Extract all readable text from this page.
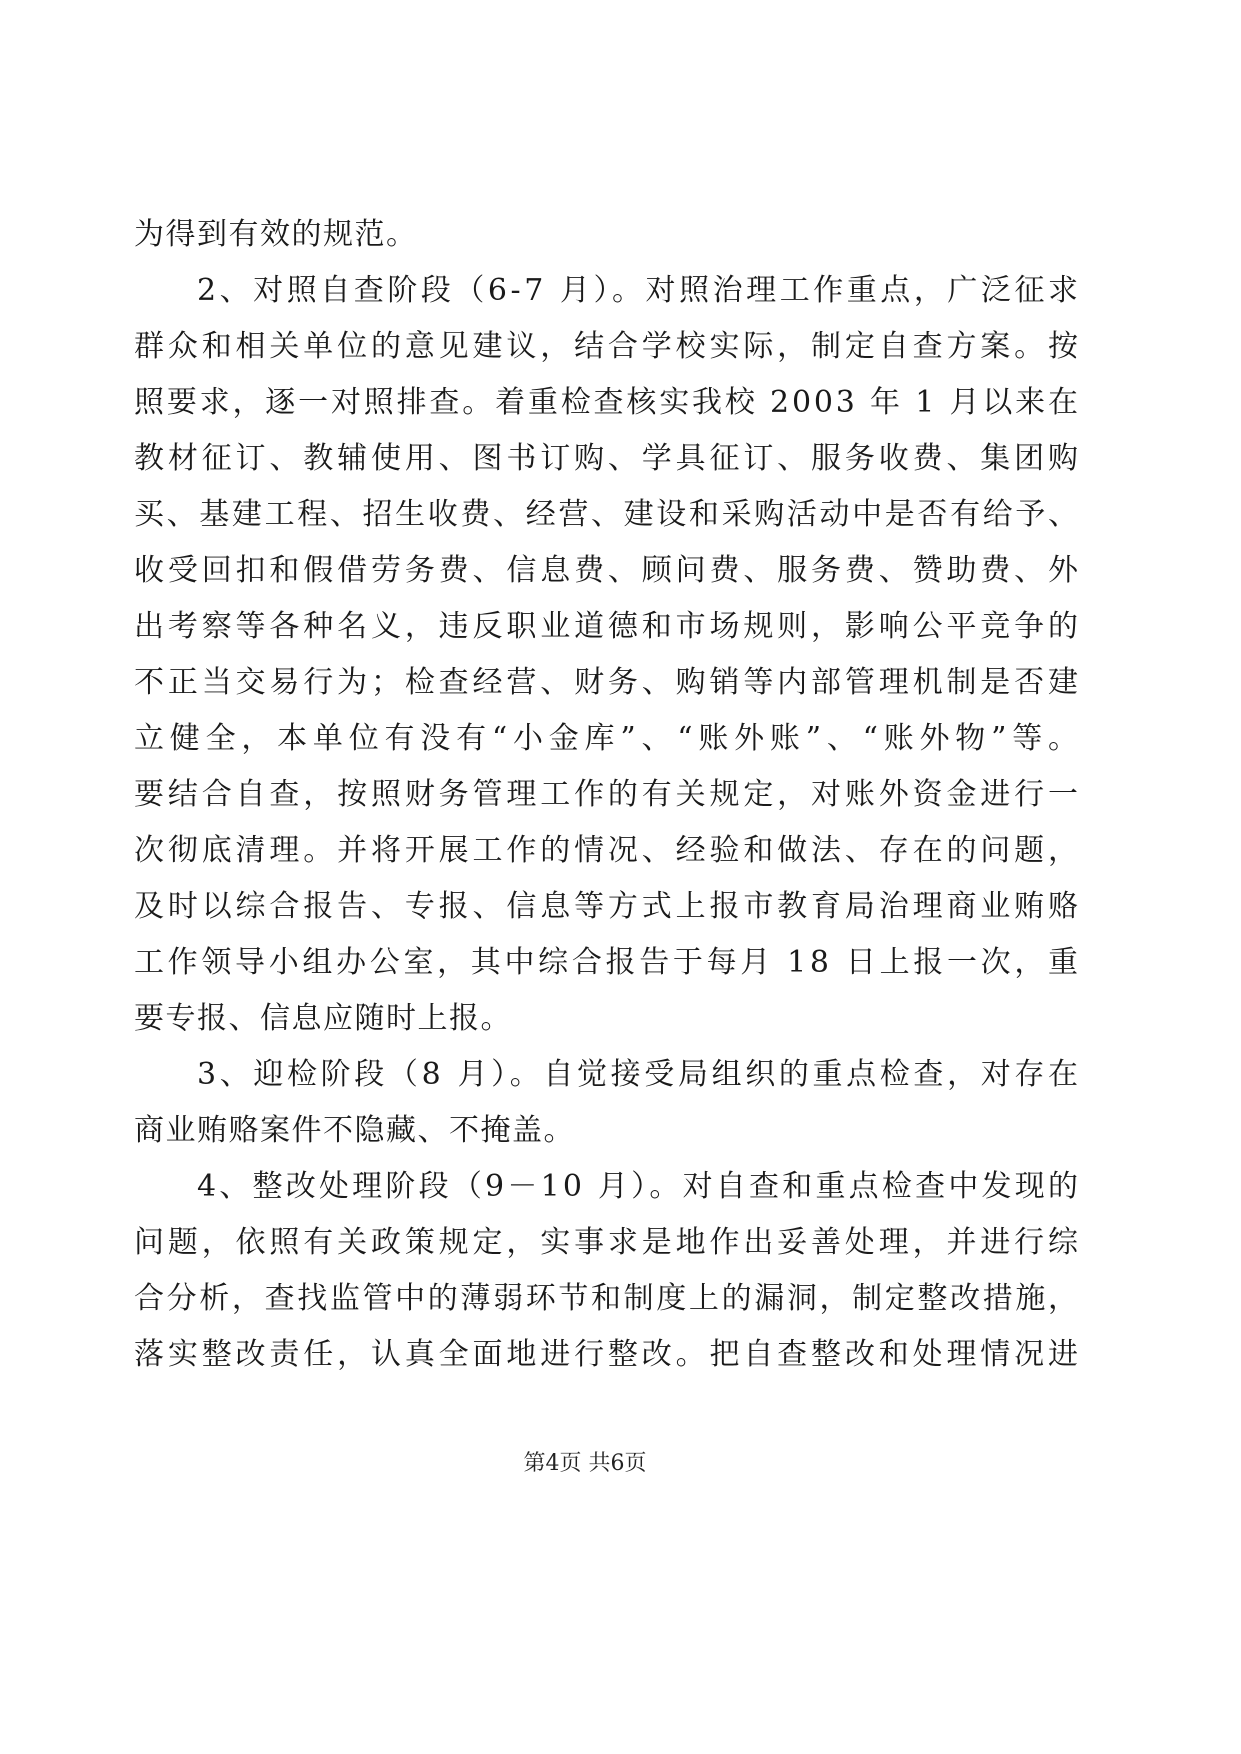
为得到有效的规范。
2、对照自查阶段（6-7 月）。对照治理工作重点，广泛征求
群众和相关单位的意见建议，结合学校实际，制定自查方案。按
照要求，逐一对照排查。着重检查核实我校 2003 年 1 月以来在
教材征订、教辅使用、图书订购、学具征订、服务收费、集团购
买、基建工程、招生收费、经营、建设和采购活动中是否有给予、
收受回扣和假借劳务费、信息费、顾问费、服务费、赞助费、外
出考察等各种名义，违反职业道德和市场规则，影响公平竞争的
不正当交易行为；检查经营、财务、购销等内部管理机制是否建
立健全，本单位有没有“小金库”、“账外账”、“账外物”等。
要结合自查，按照财务管理工作的有关规定，对账外资金进行一
次彻底清理。并将开展工作的情况、经验和做法、存在的问题，
及时以综合报告、专报、信息等方式上报市教育局治理商业贿赂
工作领导小组办公室，其中综合报告于每月 18 日上报一次，重
要专报、信息应随时上报。
3、迎检阶段（8 月）。自觉接受局组织的重点检查，对存在
商业贿赂案件不隐藏、不掩盖。
4、整改处理阶段（9－10 月）。对自查和重点检查中发现的
问题，依照有关政策规定，实事求是地作出妥善处理，并进行综
合分析，查找监管中的薄弱环节和制度上的漏洞，制定整改措施，
落实整改责任，认真全面地进行整改。把自查整改和处理情况进
第4页 共6页
